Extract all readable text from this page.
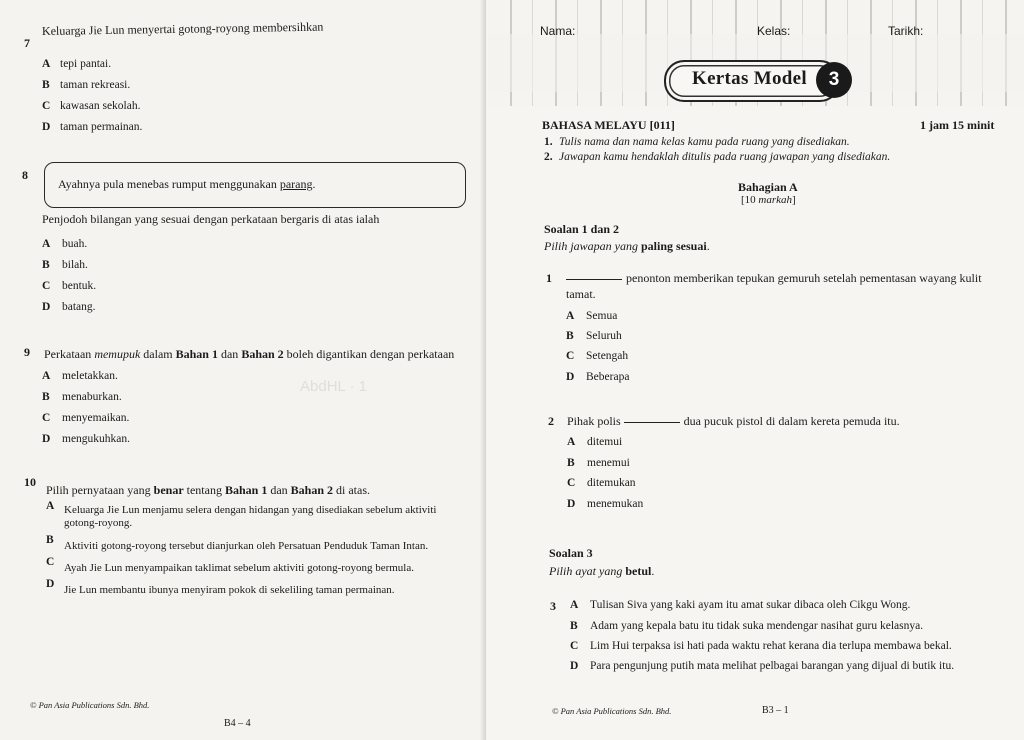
AbdHL · 1
7
Keluarga Jie Lun menyertai gotong-royong membersihkan
A tepi pantai.
B taman rekreasi.
C kawasan sekolah.
D taman permainan.
8
Ayahnya pula menebas rumput menggunakan parang.
Penjodoh bilangan yang sesuai dengan perkataan bergaris di atas ialah
A buah.
B bilah.
C bentuk.
D batang.
9 Perkataan memupuk dalam Bahan 1 dan Bahan 2 boleh digantikan dengan perkataan
A meletakkan.
B menaburkan.
C menyemaikan.
D mengukuhkan.
10
Pilih pernyataan yang benar tentang Bahan 1 dan Bahan 2 di atas.
A Keluarga Jie Lun menjamu selera dengan hidangan yang disediakan sebelum aktiviti
gotong-royong.
B Aktiviti gotong-royong tersebut dianjurkan oleh Persatuan Penduduk Taman Intan.
C Ayah Jie Lun menyampaikan taklimat sebelum aktiviti gotong-royong bermula.
D Jie Lun membantu ibunya menyiram pokok di sekeliling taman permainan.
© Pan Asia Publications Sdn. Bhd.
B4 – 4
Nama:	Kelas:	Tarikh:
Kertas Model	3
BAHASA MELAYU [011]	1 jam 15 minit
1. Tulis nama dan nama kelas kamu pada ruang yang disediakan.
2. Jawapan kamu hendaklah ditulis pada ruang jawapan yang disediakan.
Bahagian A
[10 markah]
Soalan 1 dan 2
Pilih jawapan yang paling sesuai.
1	penonton memberikan tepukan gemuruh setelah pementasan wayang kulit
tamat.
A Semua
B Seluruh
C Setengah
D Beberapa
2 Pihak polis	dua pucuk pistol di dalam kereta pemuda itu.
A ditemui
B menemui
C ditemukan
D menemukan
Soalan 3
Pilih ayat yang betul.
3 A Tulisan Siva yang kaki ayam itu amat sukar dibaca oleh Cikgu Wong.
B Adam yang kepala batu itu tidak suka mendengar nasihat guru kelasnya.
C Lim Hui terpaksa isi hati pada waktu rehat kerana dia terlupa membawa bekal.
D Para pengunjung putih mata melihat pelbagai barangan yang dijual di butik itu.
© Pan Asia Publications Sdn. Bhd.	B3 – 1
